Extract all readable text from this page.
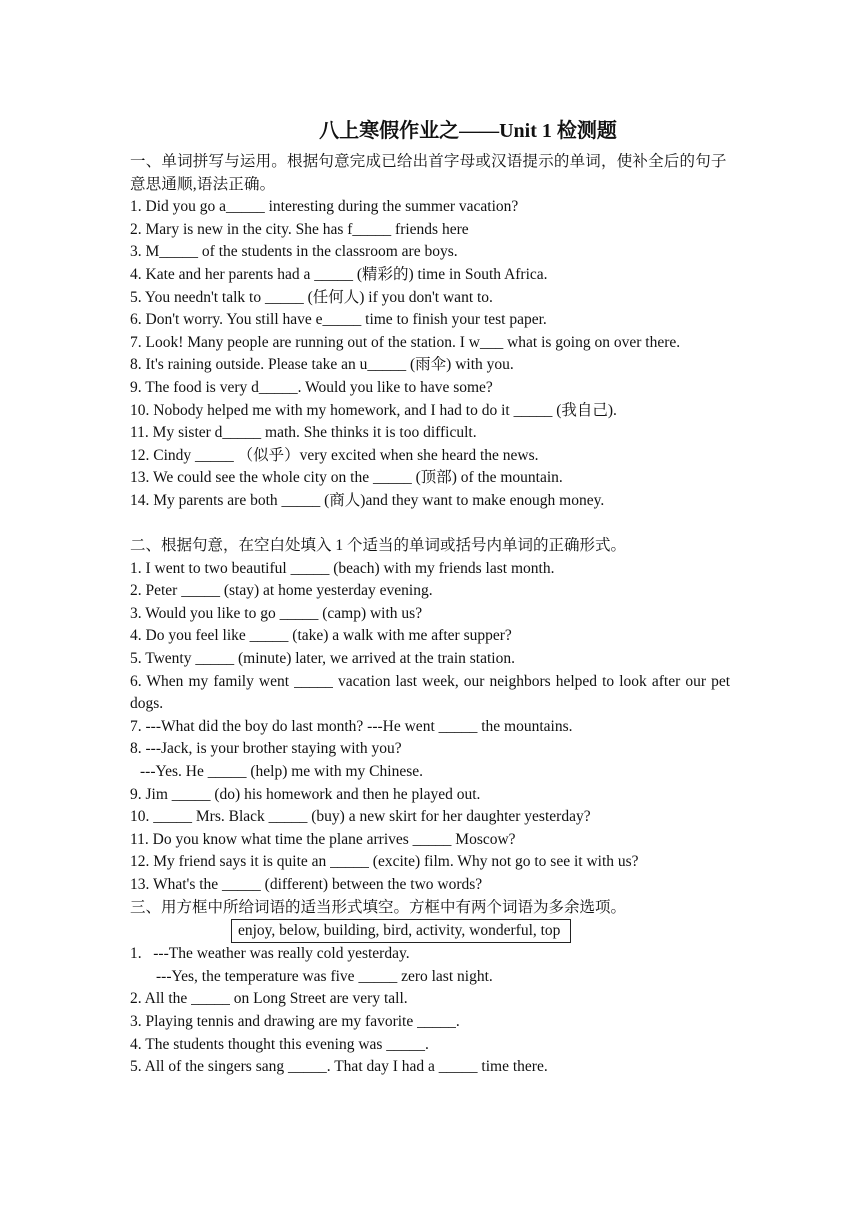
八上寒假作业之——Unit 1 检测题
一、单词拼写与运用。根据句意完成已给出首字母或汉语提示的单词，使补全后的句子意思通顺,语法正确。
1. Did you go a_____ interesting during the summer vacation?
2. Mary is new in the city. She has f_____ friends here
3. M_____ of the students in the classroom are boys.
4. Kate and her parents had a _____ (精彩的) time in South Africa.
5. You needn't talk to _____ (任何人) if you don't want to.
6. Don't worry. You still have e_____ time to finish your test paper.
7. Look! Many people are running out of the station. I w___ what is going on over there.
8. It's raining outside. Please take an u_____ (雨伞) with you.
9. The food is very d_____. Would you like to have some?
10. Nobody helped me with my homework, and I had to do it _____ (我自己).
11. My sister d_____ math. She thinks it is too difficult.
12. Cindy _____ （似乎）very excited when she heard the news.
13. We could see the whole city on the _____ (顶部) of the mountain.
14. My parents are both _____ (商人)and they want to make enough money.
二、根据句意，在空白处填入 1 个适当的单词或括号内单词的正确形式。
1. I went to two beautiful _____ (beach) with my friends last month.
2. Peter _____ (stay) at home yesterday evening.
3. Would you like to go _____ (camp) with us?
4. Do you feel like _____ (take) a walk with me after supper?
5. Twenty _____ (minute) later, we arrived at the train station.
6. When my family went _____ vacation last week, our neighbors helped to look after our pet dogs.
7. ---What did the boy do last month? ---He went _____ the mountains.
8. ---Jack, is your brother staying with you?
---Yes. He _____ (help) me with my Chinese.
9. Jim _____ (do) his homework and then he played out.
10. _____ Mrs. Black _____ (buy) a new skirt for her daughter yesterday?
11. Do you know what time the plane arrives _____ Moscow?
12. My friend says it is quite an _____ (excite) film. Why not go to see it with us?
13. What's the _____ (different) between the two words?
三、用方框中所给词语的适当形式填空。方框中有两个词语为多余选项。
enjoy, below, building, bird, activity, wonderful, top
1.   ---The weather was really cold yesterday.
---Yes, the temperature was five _____ zero last night.
2. All the _____ on Long Street are very tall.
3. Playing tennis and drawing are my favorite _____.
4. The students thought this evening was _____.
5. All of the singers sang _____. That day I had a _____ time there.
